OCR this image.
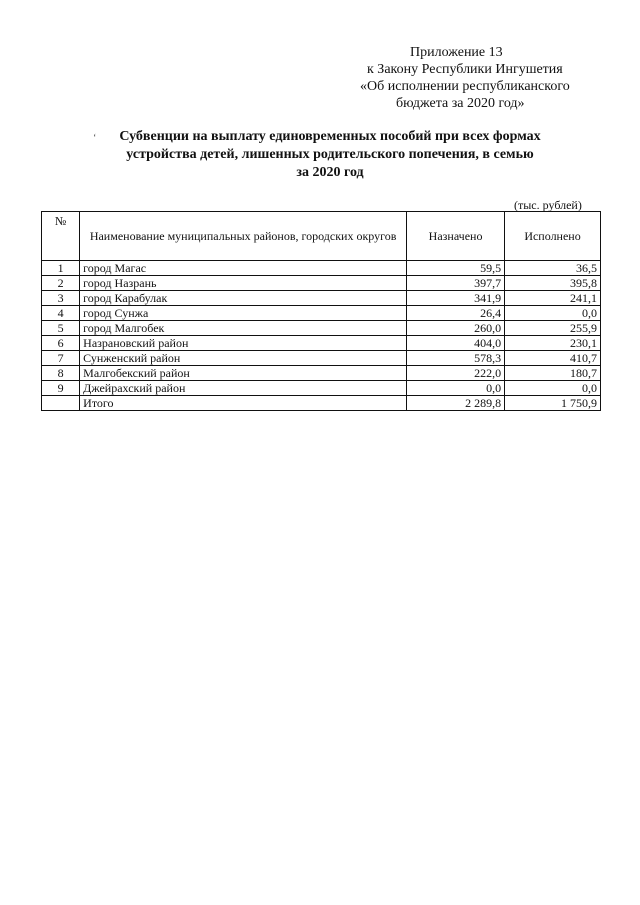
Приложение 13
к Закону Республики Ингушетия
«Об исполнении республиканского
бюджета за 2020 год»
‘	Субвенции на выплату единовременных пособий при всех формах
устройства детей, лишенных родительского попечения, в семью
за 2020 год
(тыс. рублей)
№	Наименование муниципальных районов, городских округов	Назначено	Исполнено
1	город Магас	59,5	36,5
2	город Назрань	397,7	395,8
3	город Карабулак	341,9	241,1
4	город Сунжа	26,4	0,0
5	город Малгобек	260,0	255,9
6	Назрановский район	404,0	230,1
7	Сунженский район	578,3	410,7
8	Малгобекский район	222,0	180,7
9	Джейрахский район	0,0	0,0
	Итого	2 289,8	1 750,9
